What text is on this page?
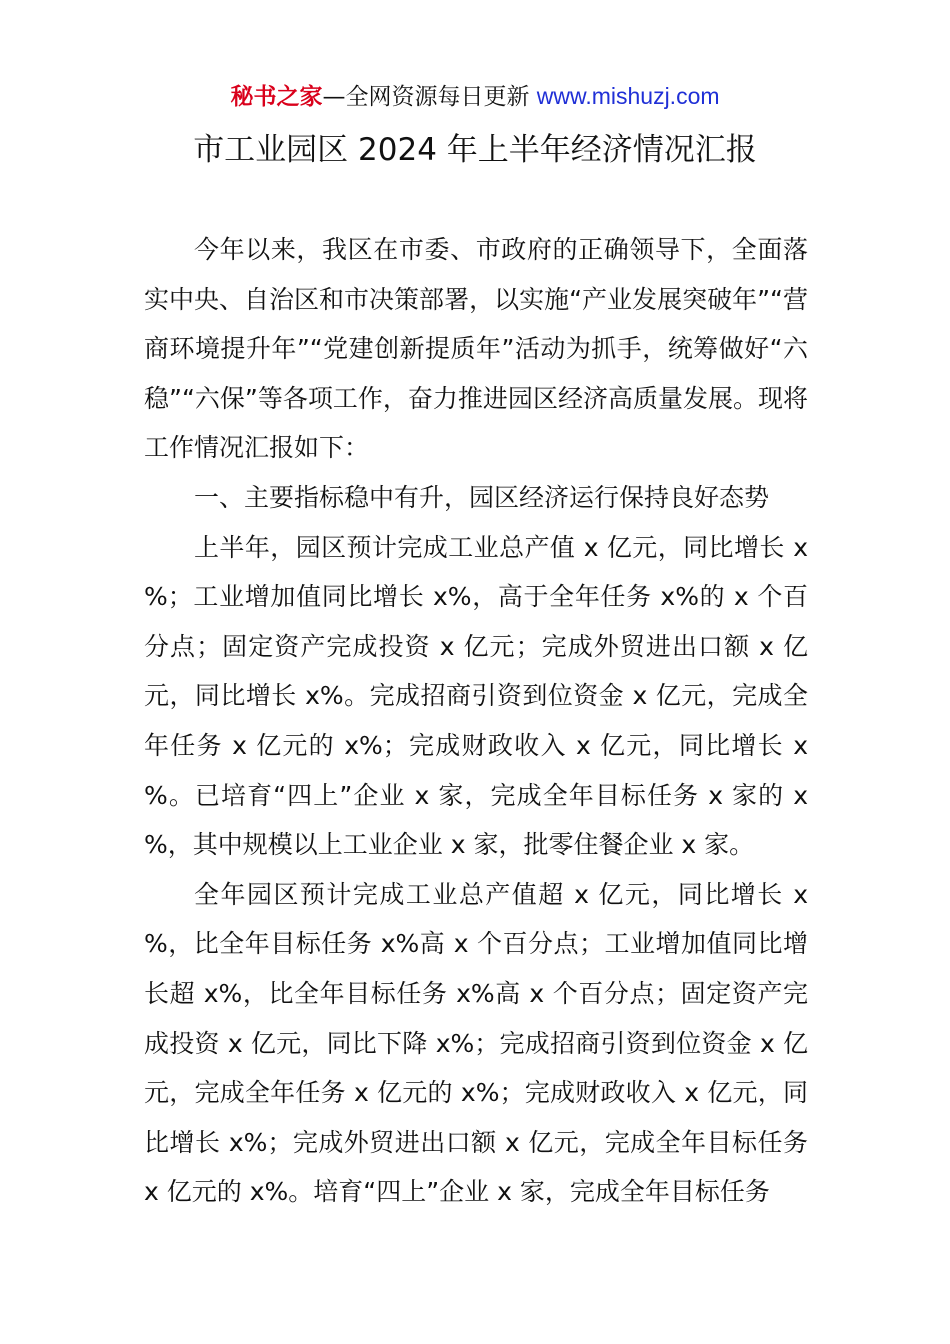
秘书之家—全网资源每日更新 www.mishuzj.com
市工业园区 2024 年上半年经济情况汇报

今年以来，我区在市委、市政府的正确领导下，全面落实中央、自治区和市决策部署，以实施“产业发展突破年”“营商环境提升年”“党建创新提质年”活动为抓手，统筹做好“六稳”“六保”等各项工作，奋力推进园区经济高质量发展。现将工作情况汇报如下：

一、主要指标稳中有升，园区经济运行保持良好态势

上半年，园区预计完成工业总产值 x 亿元，同比增长 x %；工业增加值同比增长 x%，高于全年任务 x%的 x 个百分点；固定资产完成投资 x 亿元；完成外贸进出口额 x 亿元，同比增长 x%。完成招商引资到位资金 x 亿元，完成全年任务 x 亿元的 x%；完成财政收入 x 亿元，同比增长 x %。已培育“四上”企业 x 家，完成全年目标任务 x 家的 x %，其中规模以上工业企业 x 家，批零住餐企业 x 家。

全年园区预计完成工业总产值超 x 亿元，同比增长 x %，比全年目标任务 x%高 x 个百分点；工业增加值同比增长超 x%，比全年目标任务 x%高 x 个百分点；固定资产完成投资 x 亿元，同比下降 x%；完成招商引资到位资金 x 亿元，完成全年任务 x 亿元的 x%；完成财政收入 x 亿元，同比增长 x%；完成外贸进出口额 x 亿元，完成全年目标任务 x 亿元的 x%。培育“四上”企业 x 家，完成全年目标任务
